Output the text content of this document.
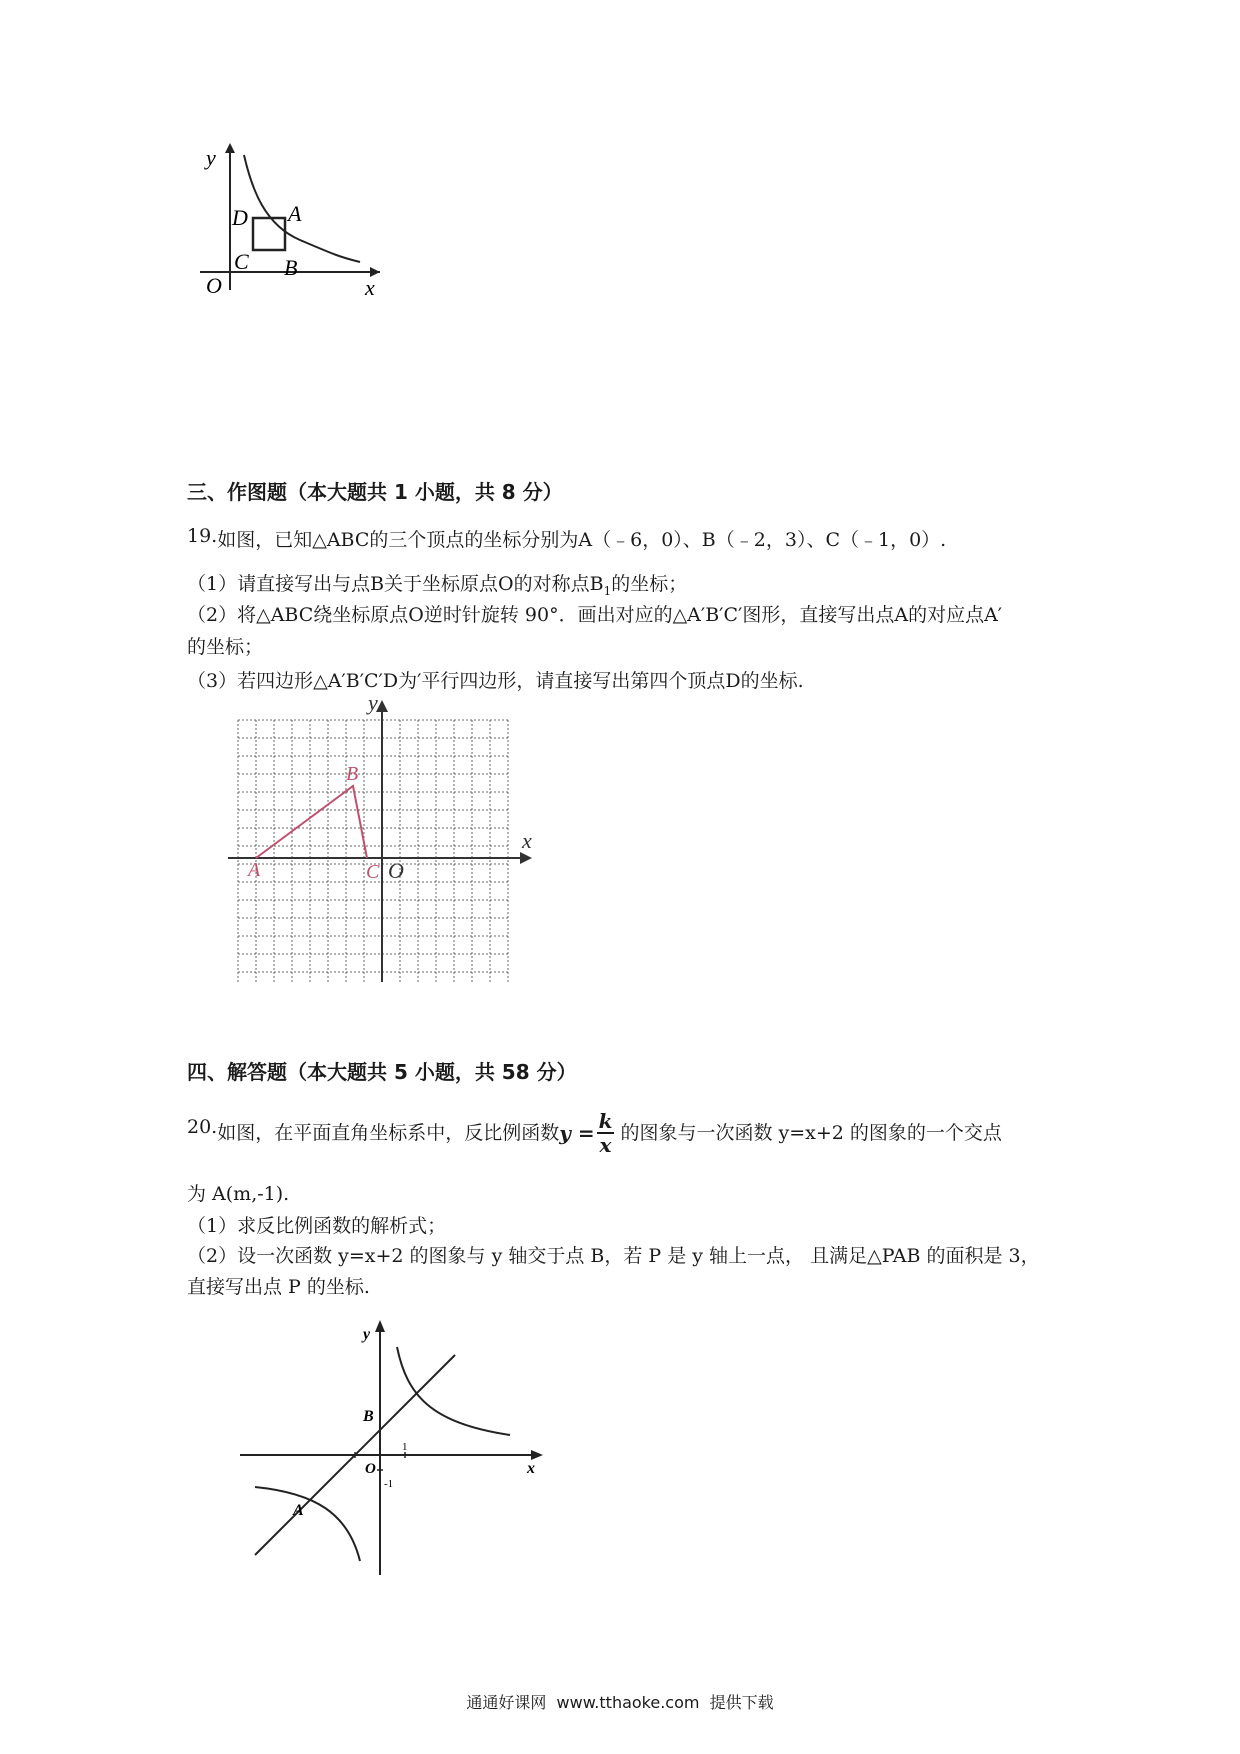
y
x
O
D A
C B
三、作图题（本大题共 1 小题，共 8 分）
19.如图，已知△ABC的三个顶点的坐标分别为A（﹣6，0）、B（﹣2，3）、C（﹣1，0）.
（1）请直接写出与点B关于坐标原点O的对称点$B_1$的坐标；
（2）将△ABC绕坐标原点O逆时针旋转 90°．画出对应的△A′B′C′图形，直接写出点A的对应点A′
的坐标；
（3）若四边形△A′B′C′D为′平行四边形，请直接写出第四个顶点D的坐标.
x
y
O
A
B
C
四、解答题（本大题共 5 小题，共 58 分）
20. 如图，在平面直角坐标系中，反比例函数 $y = \frac{k}{x}$ 的图象与一次函数 y=x+2 的图象的一个交点
为 A(m,-1).
（1）求反比例函数的解析式；
（2）设一次函数 y=x+2 的图象与 y 轴交于点 B，若 P 是 y 轴上一点， 且满足△PAB 的面积是 3，
直接写出点 P 的坐标.
y
x
O
B
A
1
-1
通通好课网  www.tthaoke.com  提供下载
